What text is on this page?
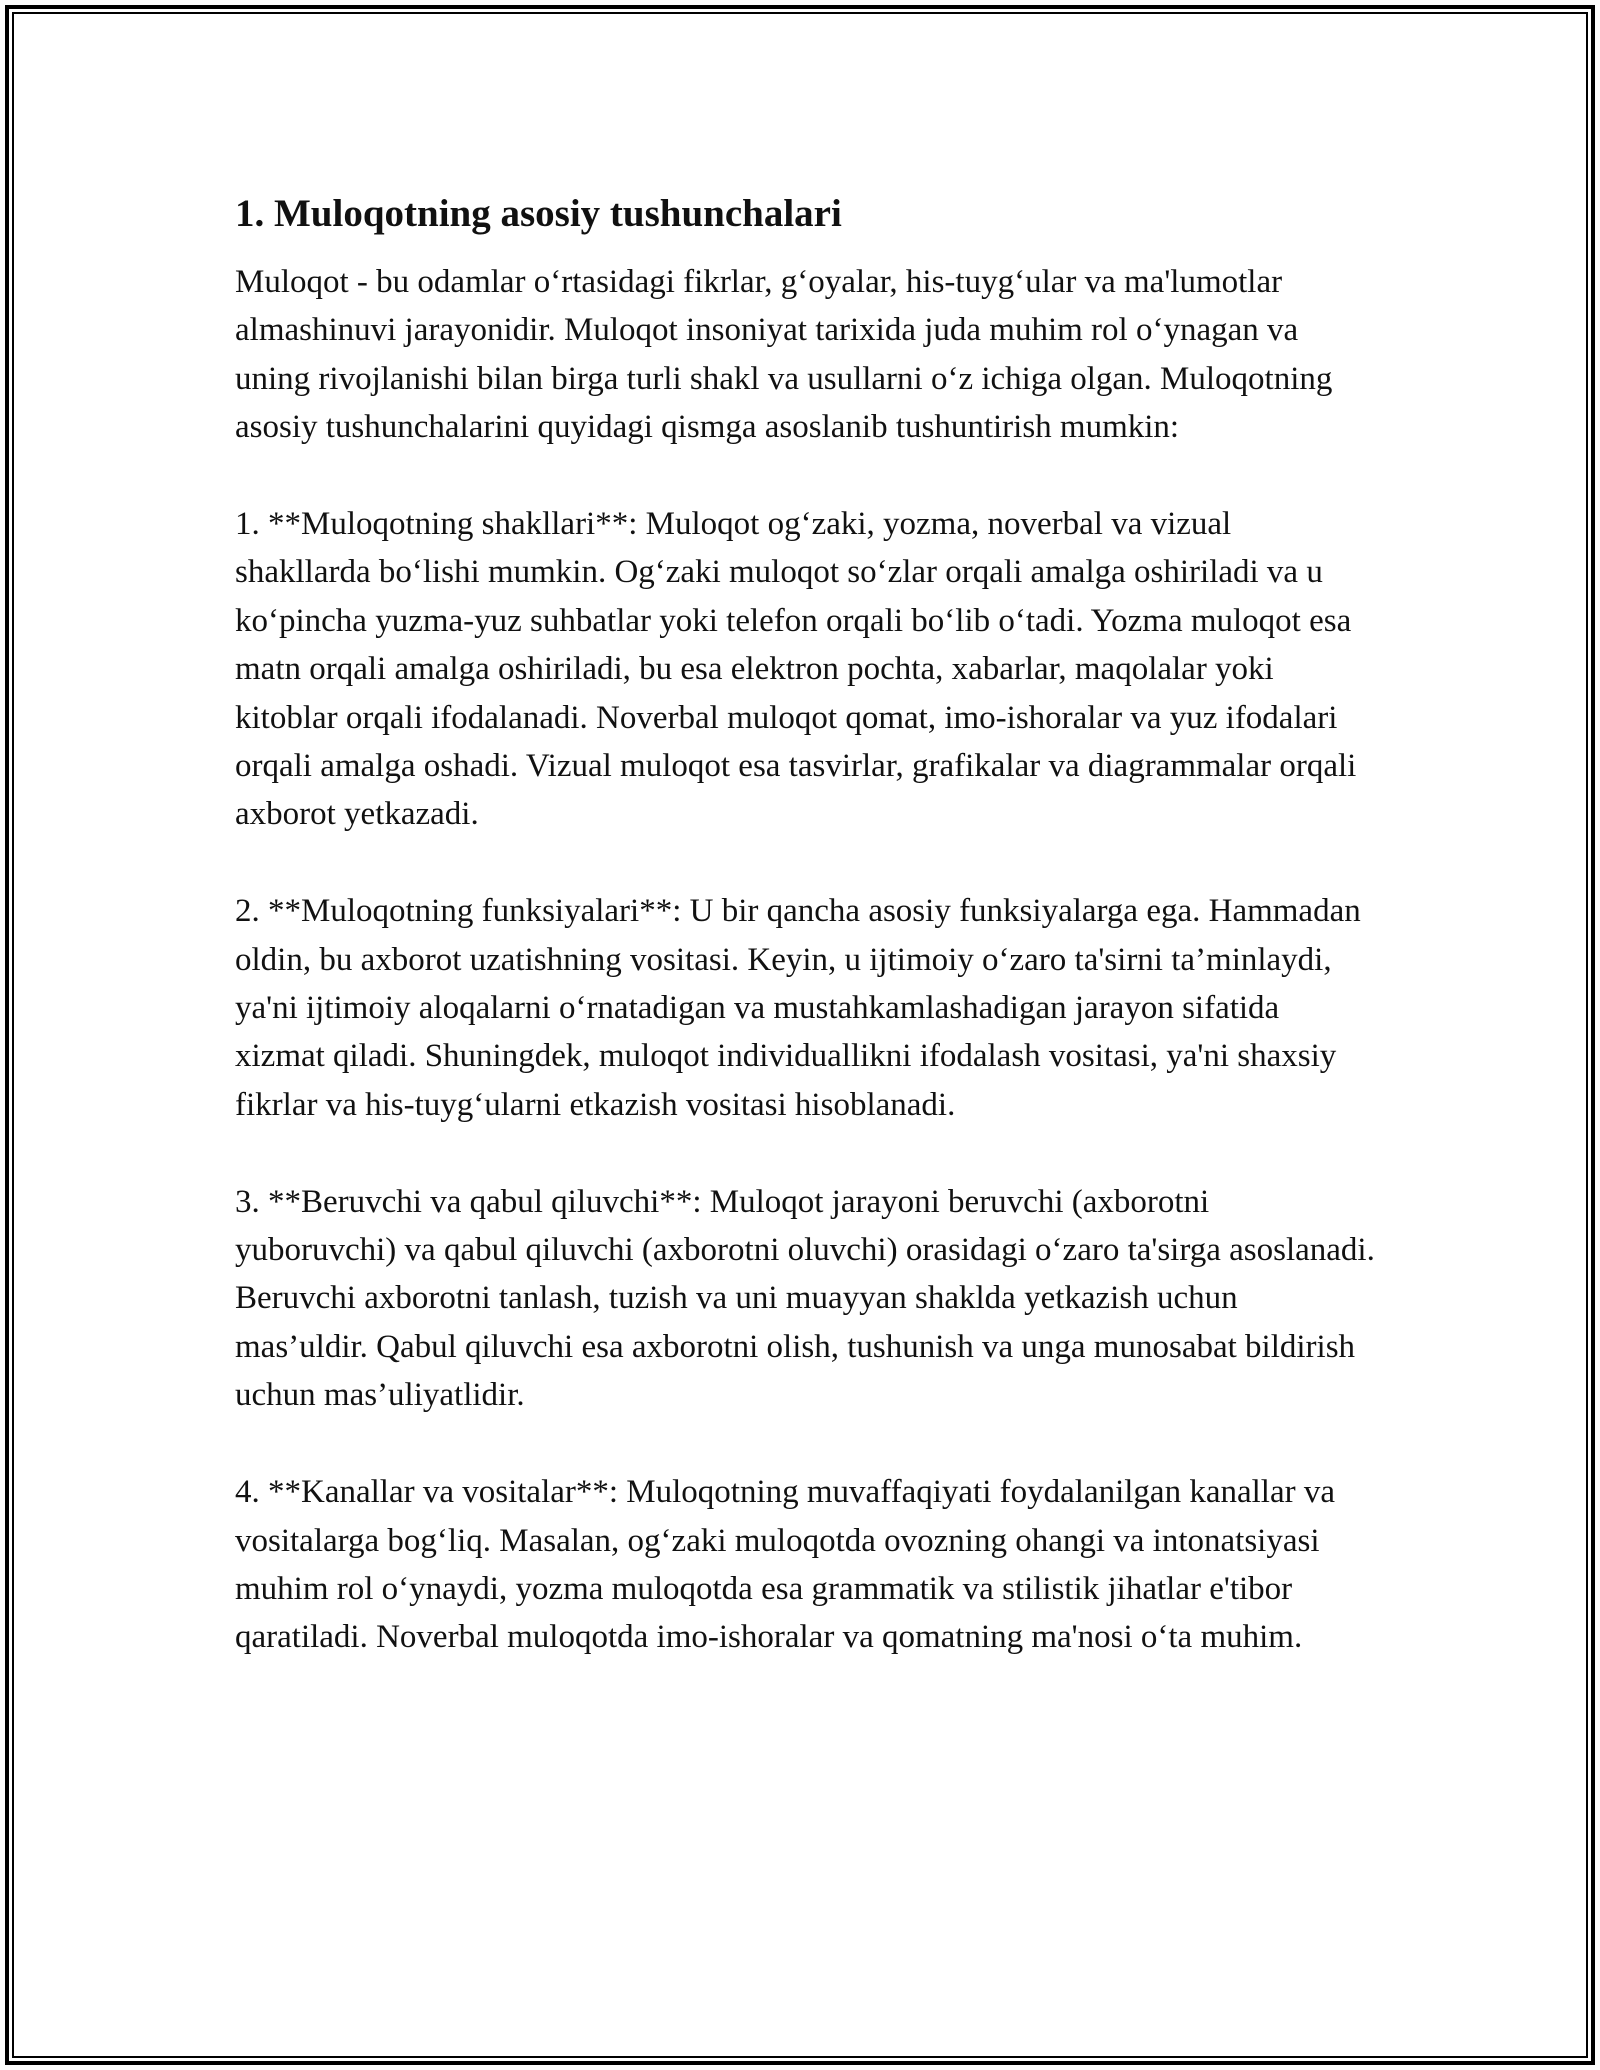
1. Muloqotning asosiy tushunchalari

Muloqot - bu odamlar o‘rtasidagi fikrlar, g‘oyalar, his-tuyg‘ular va ma'lumotlar almashinuvi jarayonidir. Muloqot insoniyat tarixida juda muhim rol o‘ynagan va uning rivojlanishi bilan birga turli shakl va usullarni o‘z ichiga olgan. Muloqotning asosiy tushunchalarini quyidagi qismga asoslanib tushuntirish mumkin:

1. **Muloqotning shakllari**: Muloqot og‘zaki, yozma, noverbal va vizual shakllarda bo‘lishi mumkin. Og‘zaki muloqot so‘zlar orqali amalga oshiriladi va u ko‘pincha yuzma-yuz suhbatlar yoki telefon orqali bo‘lib o‘tadi. Yozma muloqot esa matn orqali amalga oshiriladi, bu esa elektron pochta, xabarlar, maqolalar yoki kitoblar orqali ifodalanadi. Noverbal muloqot qomat, imo-ishoralar va yuz ifodalari orqali amalga oshadi. Vizual muloqot esa tasvirlar, grafikalar va diagrammalar orqali axborot yetkazadi.

2. **Muloqotning funksiyalari**: U bir qancha asosiy funksiyalarga ega. Hammadan oldin, bu axborot uzatishning vositasi. Keyin, u ijtimoiy o‘zaro ta'sirni ta’minlaydi, ya'ni ijtimoiy aloqalarni o‘rnatadigan va mustahkamlashadigan jarayon sifatida xizmat qiladi. Shuningdek, muloqot individuallikni ifodalash vositasi, ya'ni shaxsiy fikrlar va his-tuyg‘ularni etkazish vositasi hisoblanadi.

3. **Beruvchi va qabul qiluvchi**: Muloqot jarayoni beruvchi (axborotni yuboruvchi) va qabul qiluvchi (axborotni oluvchi) orasidagi o‘zaro ta'sirga asoslanadi. Beruvchi axborotni tanlash, tuzish va uni muayyan shaklda yetkazish uchun mas’uldir. Qabul qiluvchi esa axborotni olish, tushunish va unga munosabat bildirish uchun mas’uliyatlidir.

4. **Kanallar va vositalar**: Muloqotning muvaffaqiyati foydalanilgan kanallar va vositalarga bog‘liq. Masalan, og‘zaki muloqotda ovozning ohangi va intonatsiyasi muhim rol o‘ynaydi, yozma muloqotda esa grammatik va stilistik jihatlar e'tibor qaratiladi. Noverbal muloqotda imo-ishoralar va qomatning ma'nosi o‘ta muhim.
